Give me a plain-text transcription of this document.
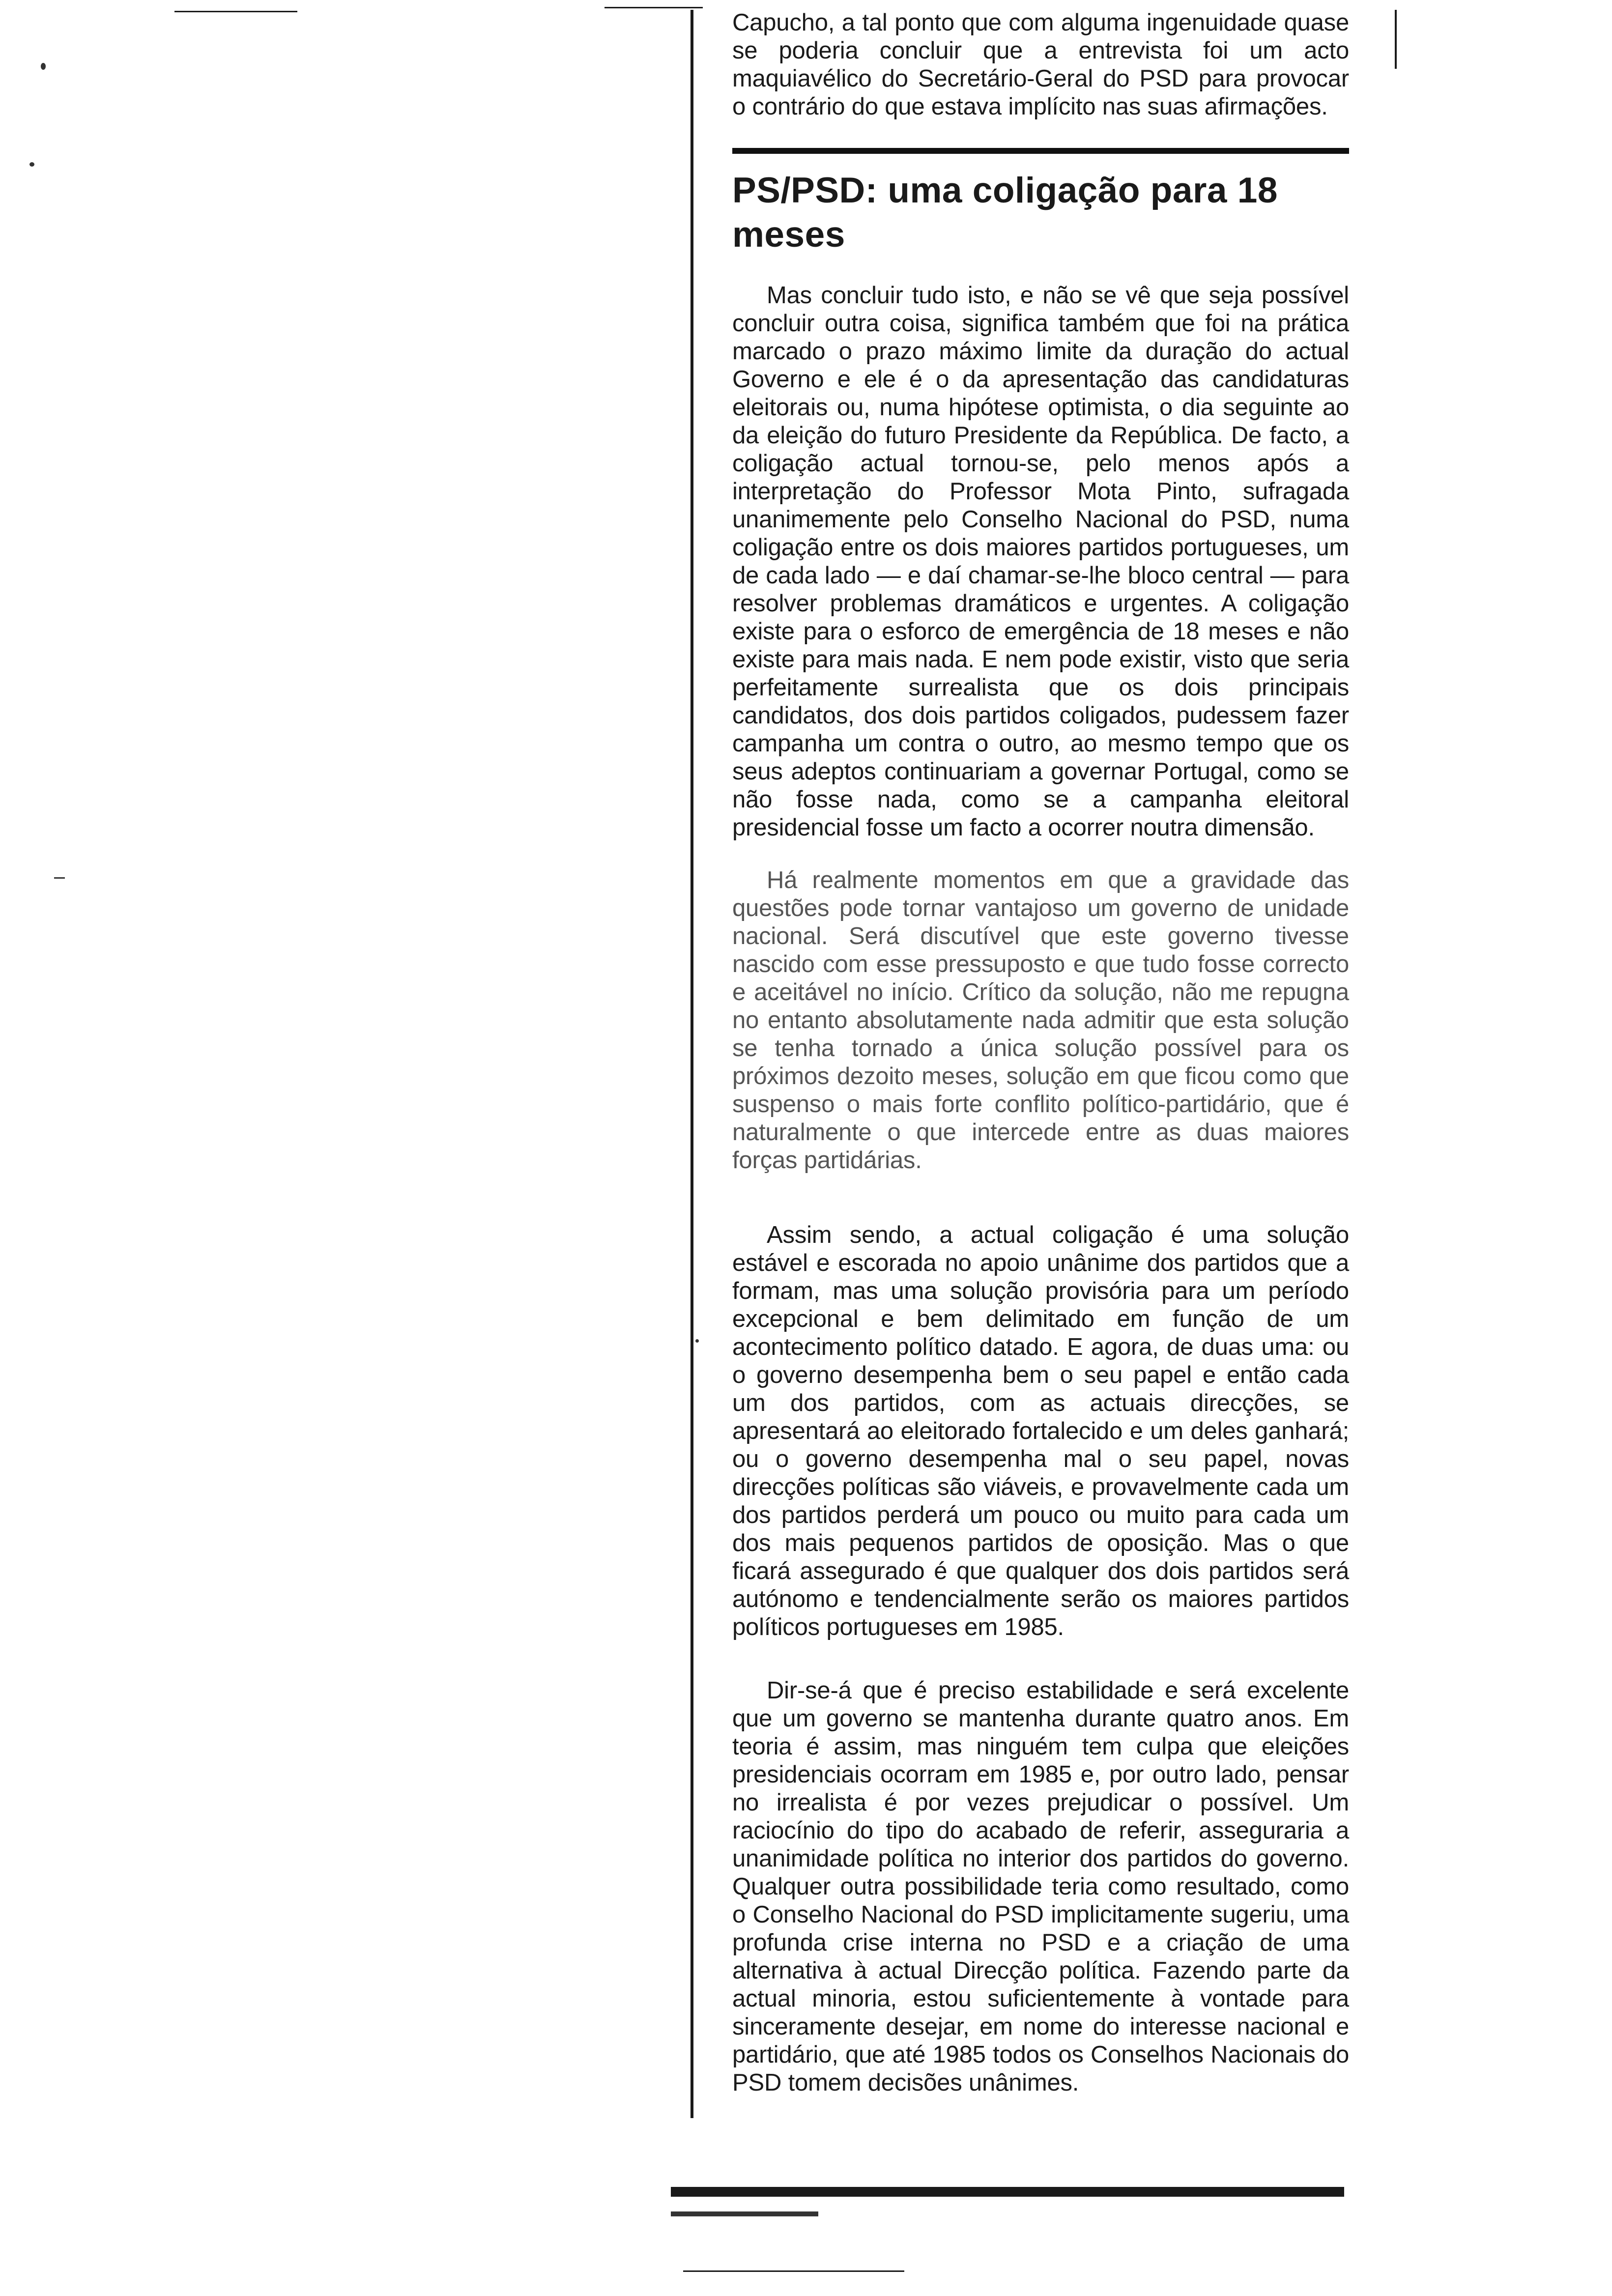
Capucho, a tal ponto que com alguma ingenuidade quase se poderia concluir que a entrevista foi um acto maquiavélico do Secretário-Geral do PSD para provocar o contrário do que estava implícito nas suas afirmações.

PS/PSD: uma coligação para 18 meses

Mas concluir tudo isto, e não se vê que seja possível concluir outra coisa, significa também que foi na prática marcado o prazo máximo limite da duração do actual Governo e ele é o da apresentação das candidaturas eleitorais ou, numa hipótese optimista, o dia seguinte ao da eleição do futuro Presidente da República. De facto, a coligação actual tornou-se, pelo menos após a interpretação do Professor Mota Pinto, sufragada unanimemente pelo Conselho Nacional do PSD, numa coligação entre os dois maiores partidos portugueses, um de cada lado — e daí chamar-se-lhe bloco central — para resolver problemas dramáticos e urgentes. A coligação existe para o esforco de emergência de 18 meses e não existe para mais nada. E nem pode existir, visto que seria perfeitamente surrealista que os dois principais candidatos, dos dois partidos coligados, pudessem fazer campanha um contra o outro, ao mesmo tempo que os seus adeptos continuariam a governar Portugal, como se não fosse nada, como se a campanha eleitoral presidencial fosse um facto a ocorrer noutra dimensão.

Há realmente momentos em que a gravidade das questões pode tornar vantajoso um governo de unidade nacional. Será discutível que este governo tivesse nascido com esse pressuposto e que tudo fosse correcto e aceitável no início. Crítico da solução, não me repugna no entanto absolutamente nada admitir que esta solução se tenha tornado a única solução possível para os próximos dezoito meses, solução em que ficou como que suspenso o mais forte conflito político-partidário, que é naturalmente o que intercede entre as duas maiores forças partidárias.

Assim sendo, a actual coligação é uma solução estável e escorada no apoio unânime dos partidos que a formam, mas uma solução provisória para um período excepcional e bem delimitado em função de um acontecimento político datado. E agora, de duas uma: ou o governo desempenha bem o seu papel e então cada um dos partidos, com as actuais direcções, se apresentará ao eleitorado fortalecido e um deles ganhará; ou o governo desempenha mal o seu papel, novas direcções políticas são viáveis, e provavelmente cada um dos partidos perderá um pouco ou muito para cada um dos mais pequenos partidos de oposição. Mas o que ficará assegurado é que qualquer dos dois partidos será autónomo e tendencialmente serão os maiores partidos políticos portugueses em 1985.

Dir-se-á que é preciso estabilidade e será excelente que um governo se mantenha durante quatro anos. Em teoria é assim, mas ninguém tem culpa que eleições presidenciais ocorram em 1985 e, por outro lado, pensar no irrealista é por vezes prejudicar o possível. Um raciocínio do tipo do acabado de referir, asseguraria a unanimidade política no interior dos partidos do governo. Qualquer outra possibilidade teria como resultado, como o Conselho Nacional do PSD implicitamente sugeriu, uma profunda crise interna no PSD e a criação de uma alternativa à actual Direcção política. Fazendo parte da actual minoria, estou suficientemente à vontade para sinceramente desejar, em nome do interesse nacional e partidário, que até 1985 todos os Conselhos Nacionais do PSD tomem decisões unânimes.
